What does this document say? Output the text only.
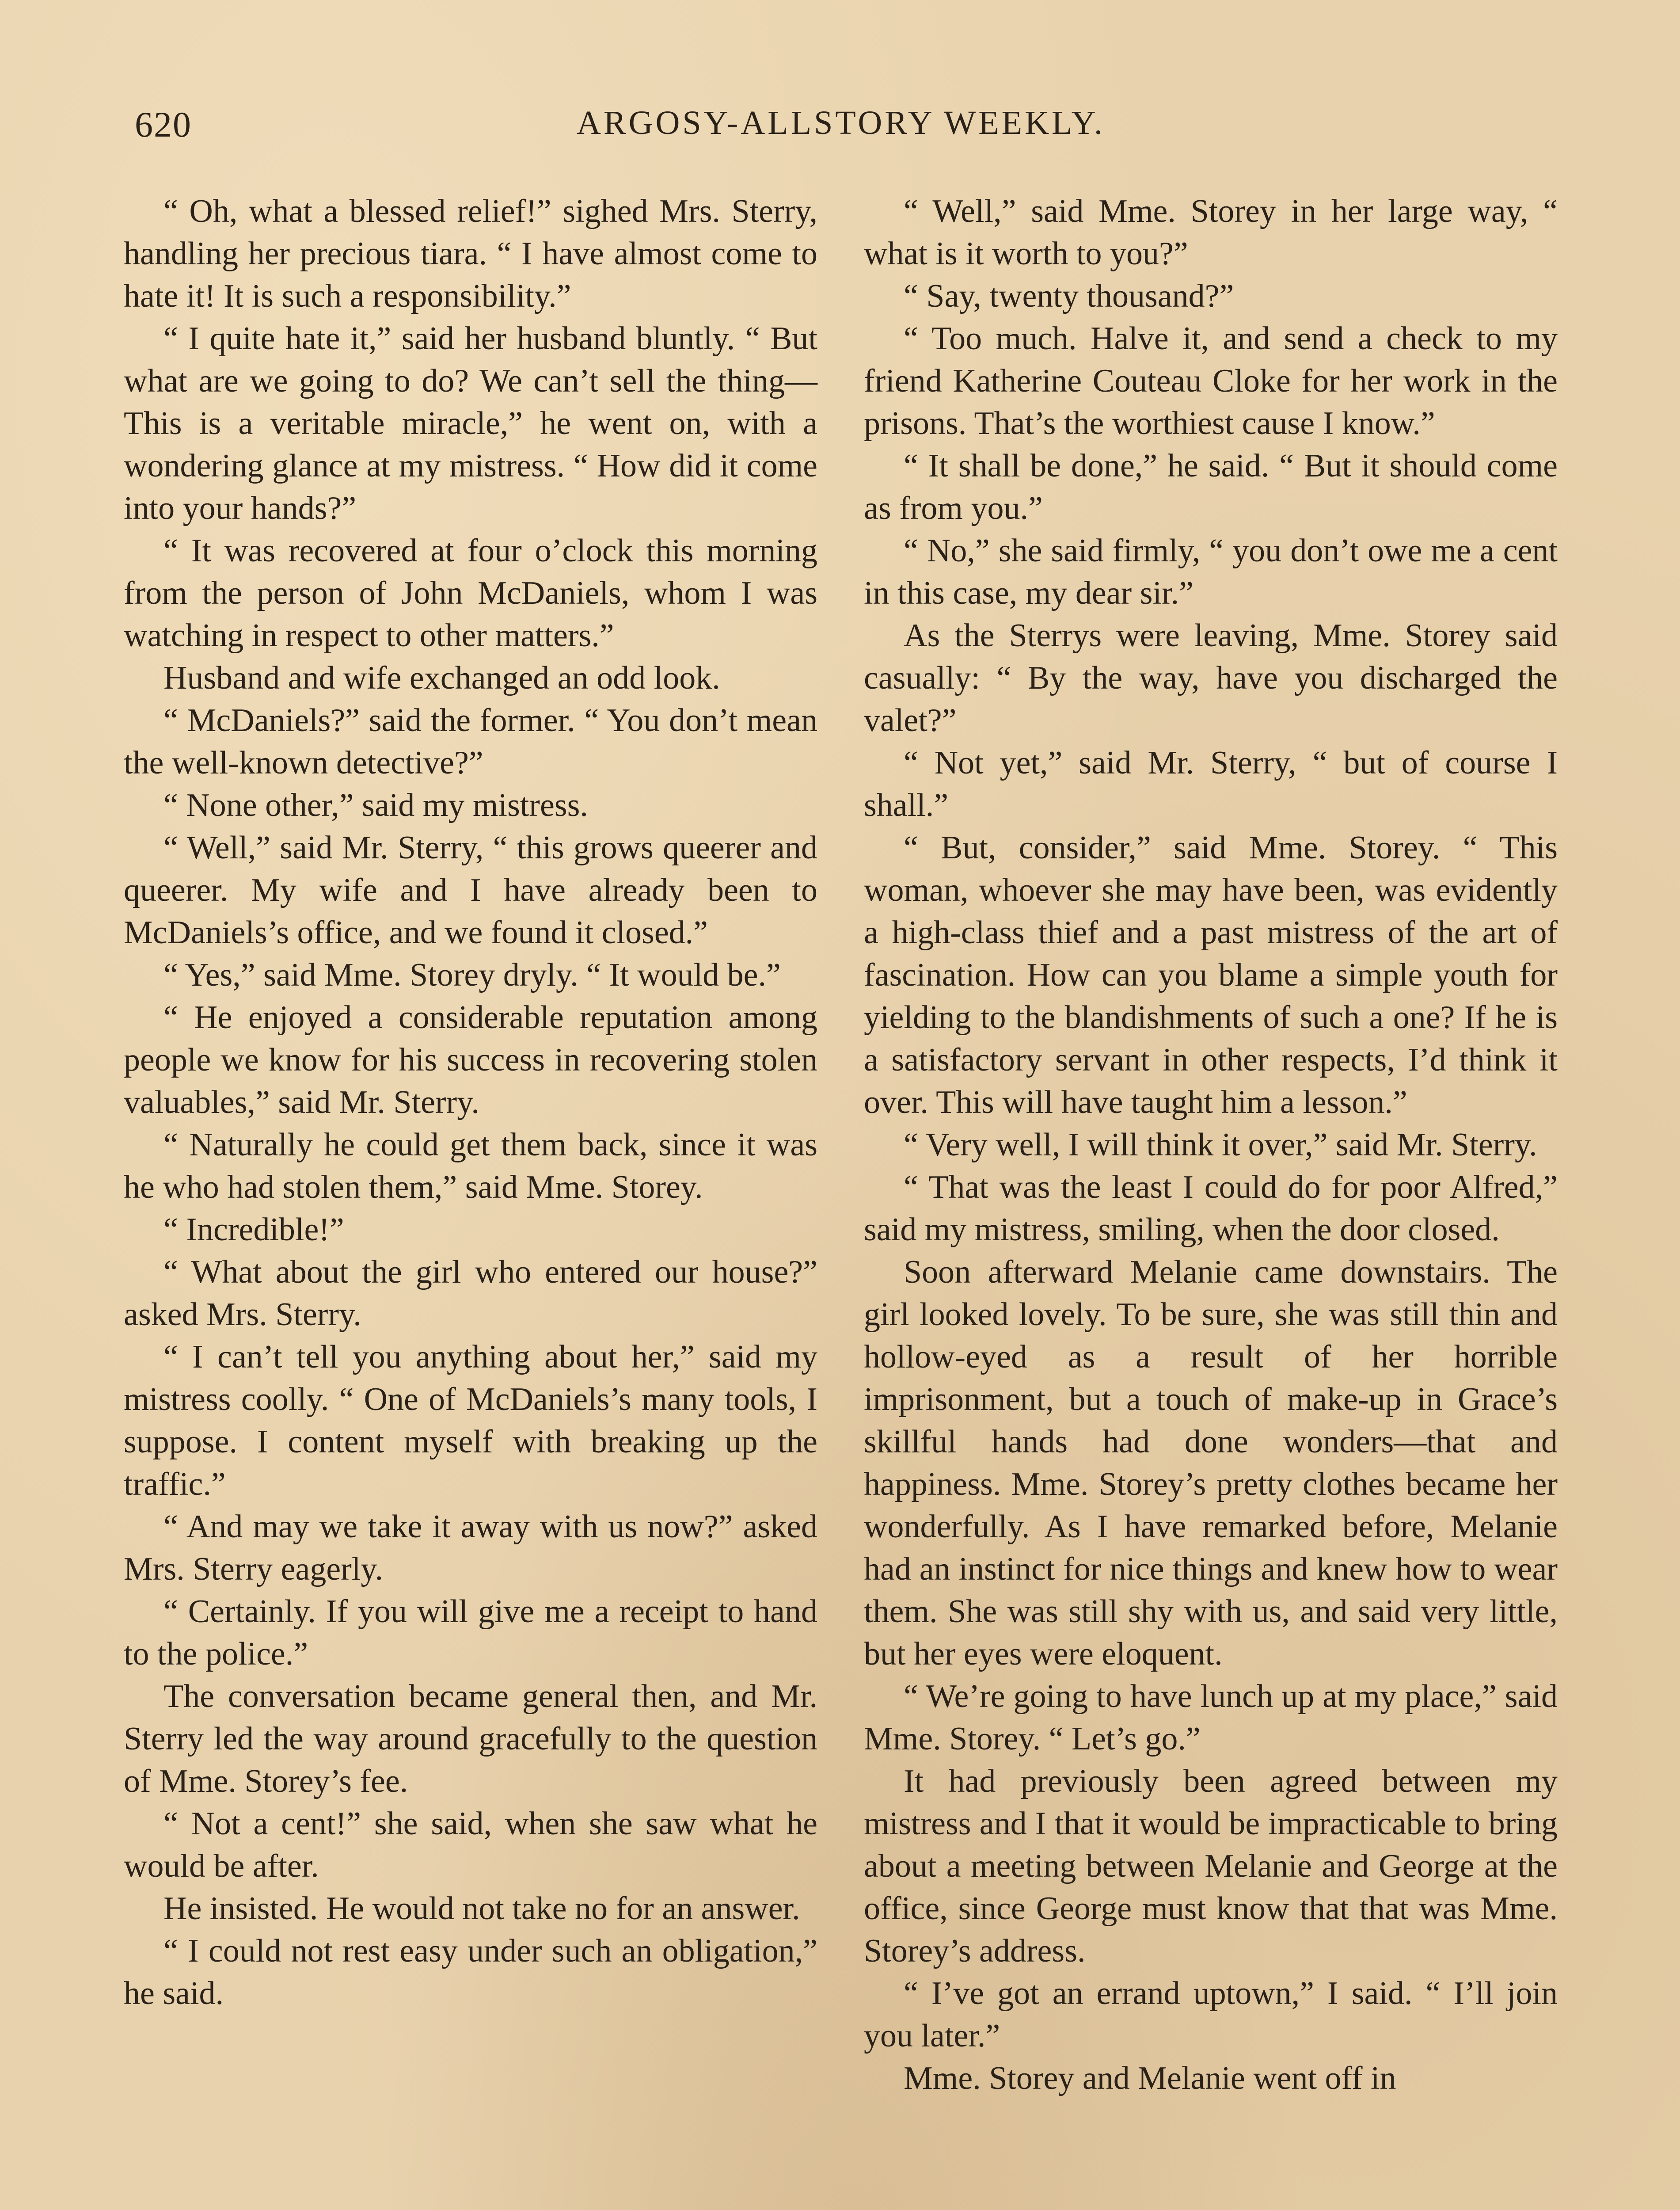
620	ARGOSY-ALLSTORY WEEKLY.

“ Oh, what a blessed relief!” sighed Mrs. Sterry, handling her precious tiara. “ I have almost come to hate it! It is such a responsibility.”

“ I quite hate it,” said her husband bluntly. “ But what are we going to do? We can’t sell the thing— This is a veritable miracle,” he went on, with a wondering glance at my mistress. “ How did it come into your hands?”

“ It was recovered at four o’clock this morning from the person of John McDaniels, whom I was watching in respect to other matters.”

Husband and wife exchanged an odd look.

“ McDaniels?” said the former. “ You don’t mean the well-known detective?”

“ None other,” said my mistress.

“ Well,” said Mr. Sterry, “ this grows queerer and queerer. My wife and I have already been to McDaniels’s office, and we found it closed.”

“ Yes,” said Mme. Storey dryly. “ It would be.”

“ He enjoyed a considerable reputation among people we know for his success in recovering stolen valuables,” said Mr. Sterry.

“ Naturally he could get them back, since it was he who had stolen them,” said Mme. Storey.

“ Incredible!”

“ What about the girl who entered our house?” asked Mrs. Sterry.

“ I can’t tell you anything about her,” said my mistress coolly. “ One of McDaniels’s many tools, I suppose. I content myself with breaking up the traffic.”

“ And may we take it away with us now?” asked Mrs. Sterry eagerly.

“ Certainly. If you will give me a receipt to hand to the police.”

The conversation became general then, and Mr. Sterry led the way around gracefully to the question of Mme. Storey’s fee.

“ Not a cent!” she said, when she saw what he would be after.

He insisted. He would not take no for an answer.

“ I could not rest easy under such an obligation,” he said.

“ Well,” said Mme. Storey in her large way, “ what is it worth to you?”

“ Say, twenty thousand?”

“ Too much. Halve it, and send a check to my friend Katherine Couteau Cloke for her work in the prisons. That’s the worthiest cause I know.”

“ It shall be done,” he said. “ But it should come as from you.”

“ No,” she said firmly, “ you don’t owe me a cent in this case, my dear sir.”

As the Sterrys were leaving, Mme. Storey said casually: “ By the way, have you discharged the valet?”

“ Not yet,” said Mr. Sterry, “ but of course I shall.”

“ But, consider,” said Mme. Storey. “ This woman, whoever she may have been, was evidently a high-class thief and a past mistress of the art of fascination. How can you blame a simple youth for yielding to the blandishments of such a one? If he is a satisfactory servant in other respects, I’d think it over. This will have taught him a lesson.”

“ Very well, I will think it over,” said Mr. Sterry.

“ That was the least I could do for poor Alfred,” said my mistress, smiling, when the door closed.

Soon afterward Melanie came downstairs. The girl looked lovely. To be sure, she was still thin and hollow-eyed as a result of her horrible imprisonment, but a touch of make-up in Grace’s skillful hands had done wonders—that and happiness. Mme. Storey’s pretty clothes became her wonderfully. As I have remarked before, Melanie had an instinct for nice things and knew how to wear them. She was still shy with us, and said very little, but her eyes were eloquent.

“ We’re going to have lunch up at my place,” said Mme. Storey. “ Let’s go.”

It had previously been agreed between my mistress and I that it would be impracticable to bring about a meeting between Melanie and George at the office, since George must know that that was Mme. Storey’s address.

“ I’ve got an errand uptown,” I said. “ I’ll join you later.”

Mme. Storey and Melanie went off in
